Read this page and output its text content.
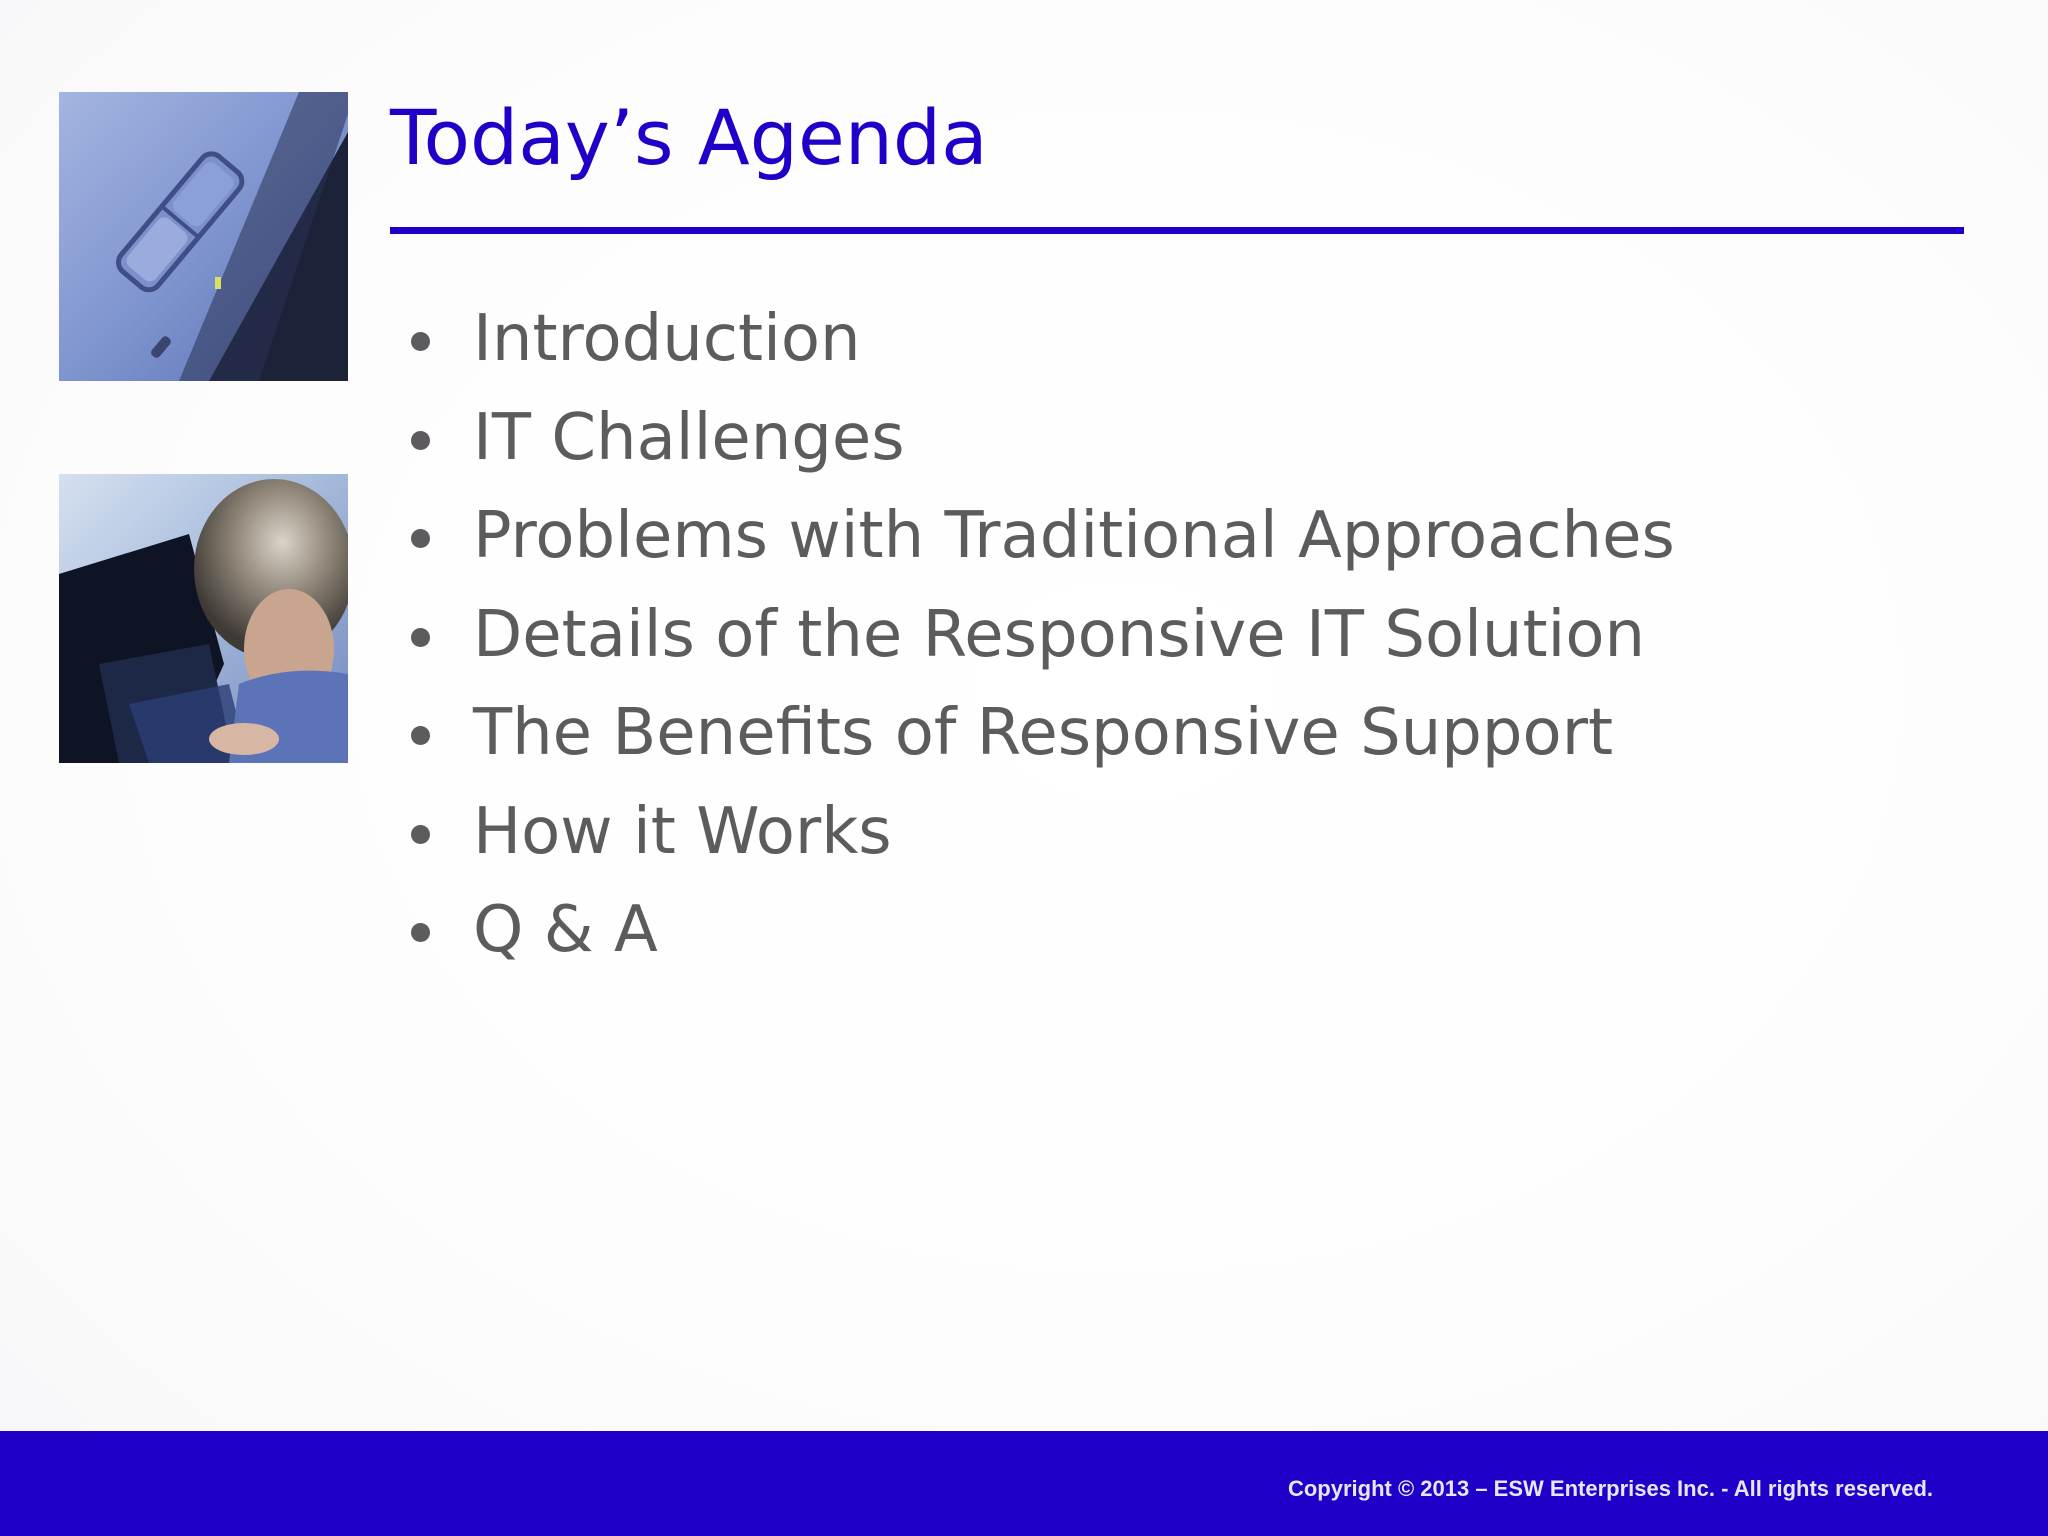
Today’s Agenda
Introduction
IT Challenges
Problems with Traditional Approaches
Details of the Responsive IT Solution
The Benefits of Responsive Support
How it Works
Q & A
Copyright © 2013 – ESW Enterprises Inc. - All rights reserved.
